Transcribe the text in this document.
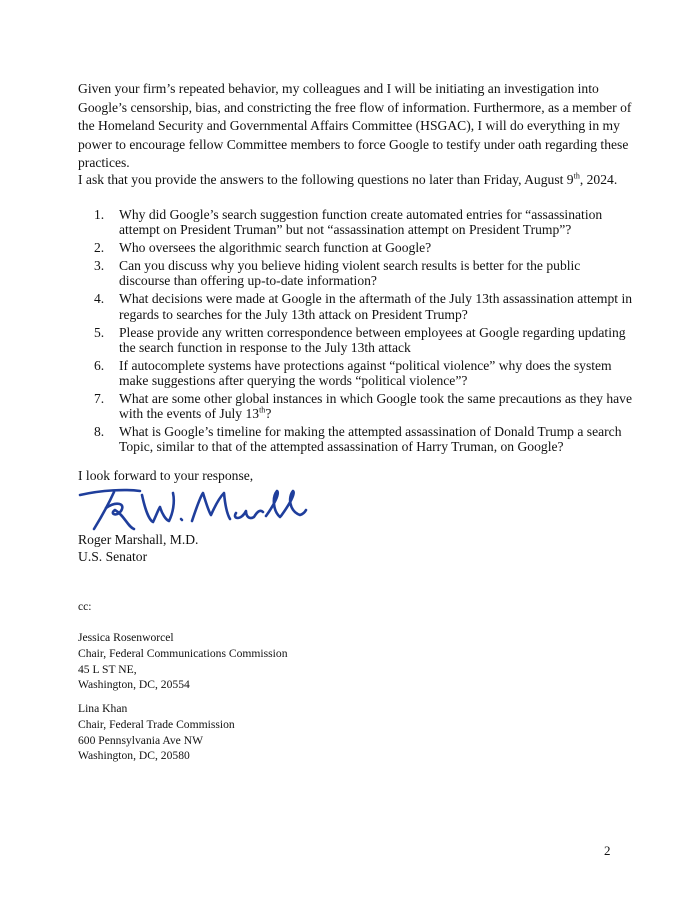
Given your firm’s repeated behavior, my colleagues and I will be initiating an investigation into Google’s censorship, bias, and constricting the free flow of information. Furthermore, as a member of the Homeland Security and Governmental Affairs Committee (HSGAC), I will do everything in my power to encourage fellow Committee members to force Google to testify under oath regarding these practices.

I ask that you provide the answers to the following questions no later than Friday, August 9th, 2024.

1. Why did Google’s search suggestion function create automated entries for “assassination attempt on President Truman” but not “assassination attempt on President Trump”?
2. Who oversees the algorithmic search function at Google?
3. Can you discuss why you believe hiding violent search results is better for the public discourse than offering up-to-date information?
4. What decisions were made at Google in the aftermath of the July 13th assassination attempt in regards to searches for the July 13th attack on President Trump?
5. Please provide any written correspondence between employees at Google regarding updating the search function in response to the July 13th attack
6. If autocomplete systems have protections against “political violence” why does the system make suggestions after querying the words “political violence”?
7. What are some other global instances in which Google took the same precautions as they have with the events of July 13th?
8. What is Google’s timeline for making the attempted assassination of Donald Trump a search Topic, similar to that of the attempted assassination of Harry Truman, on Google?
I look forward to your response,
Roger Marshall, M.D.
U.S. Senator
cc:
Jessica Rosenworcel
Chair, Federal Communications Commission
45 L ST NE,
Washington, DC, 20554
Lina Khan
Chair, Federal Trade Commission
600 Pennsylvania Ave NW
Washington, DC, 20580
2
